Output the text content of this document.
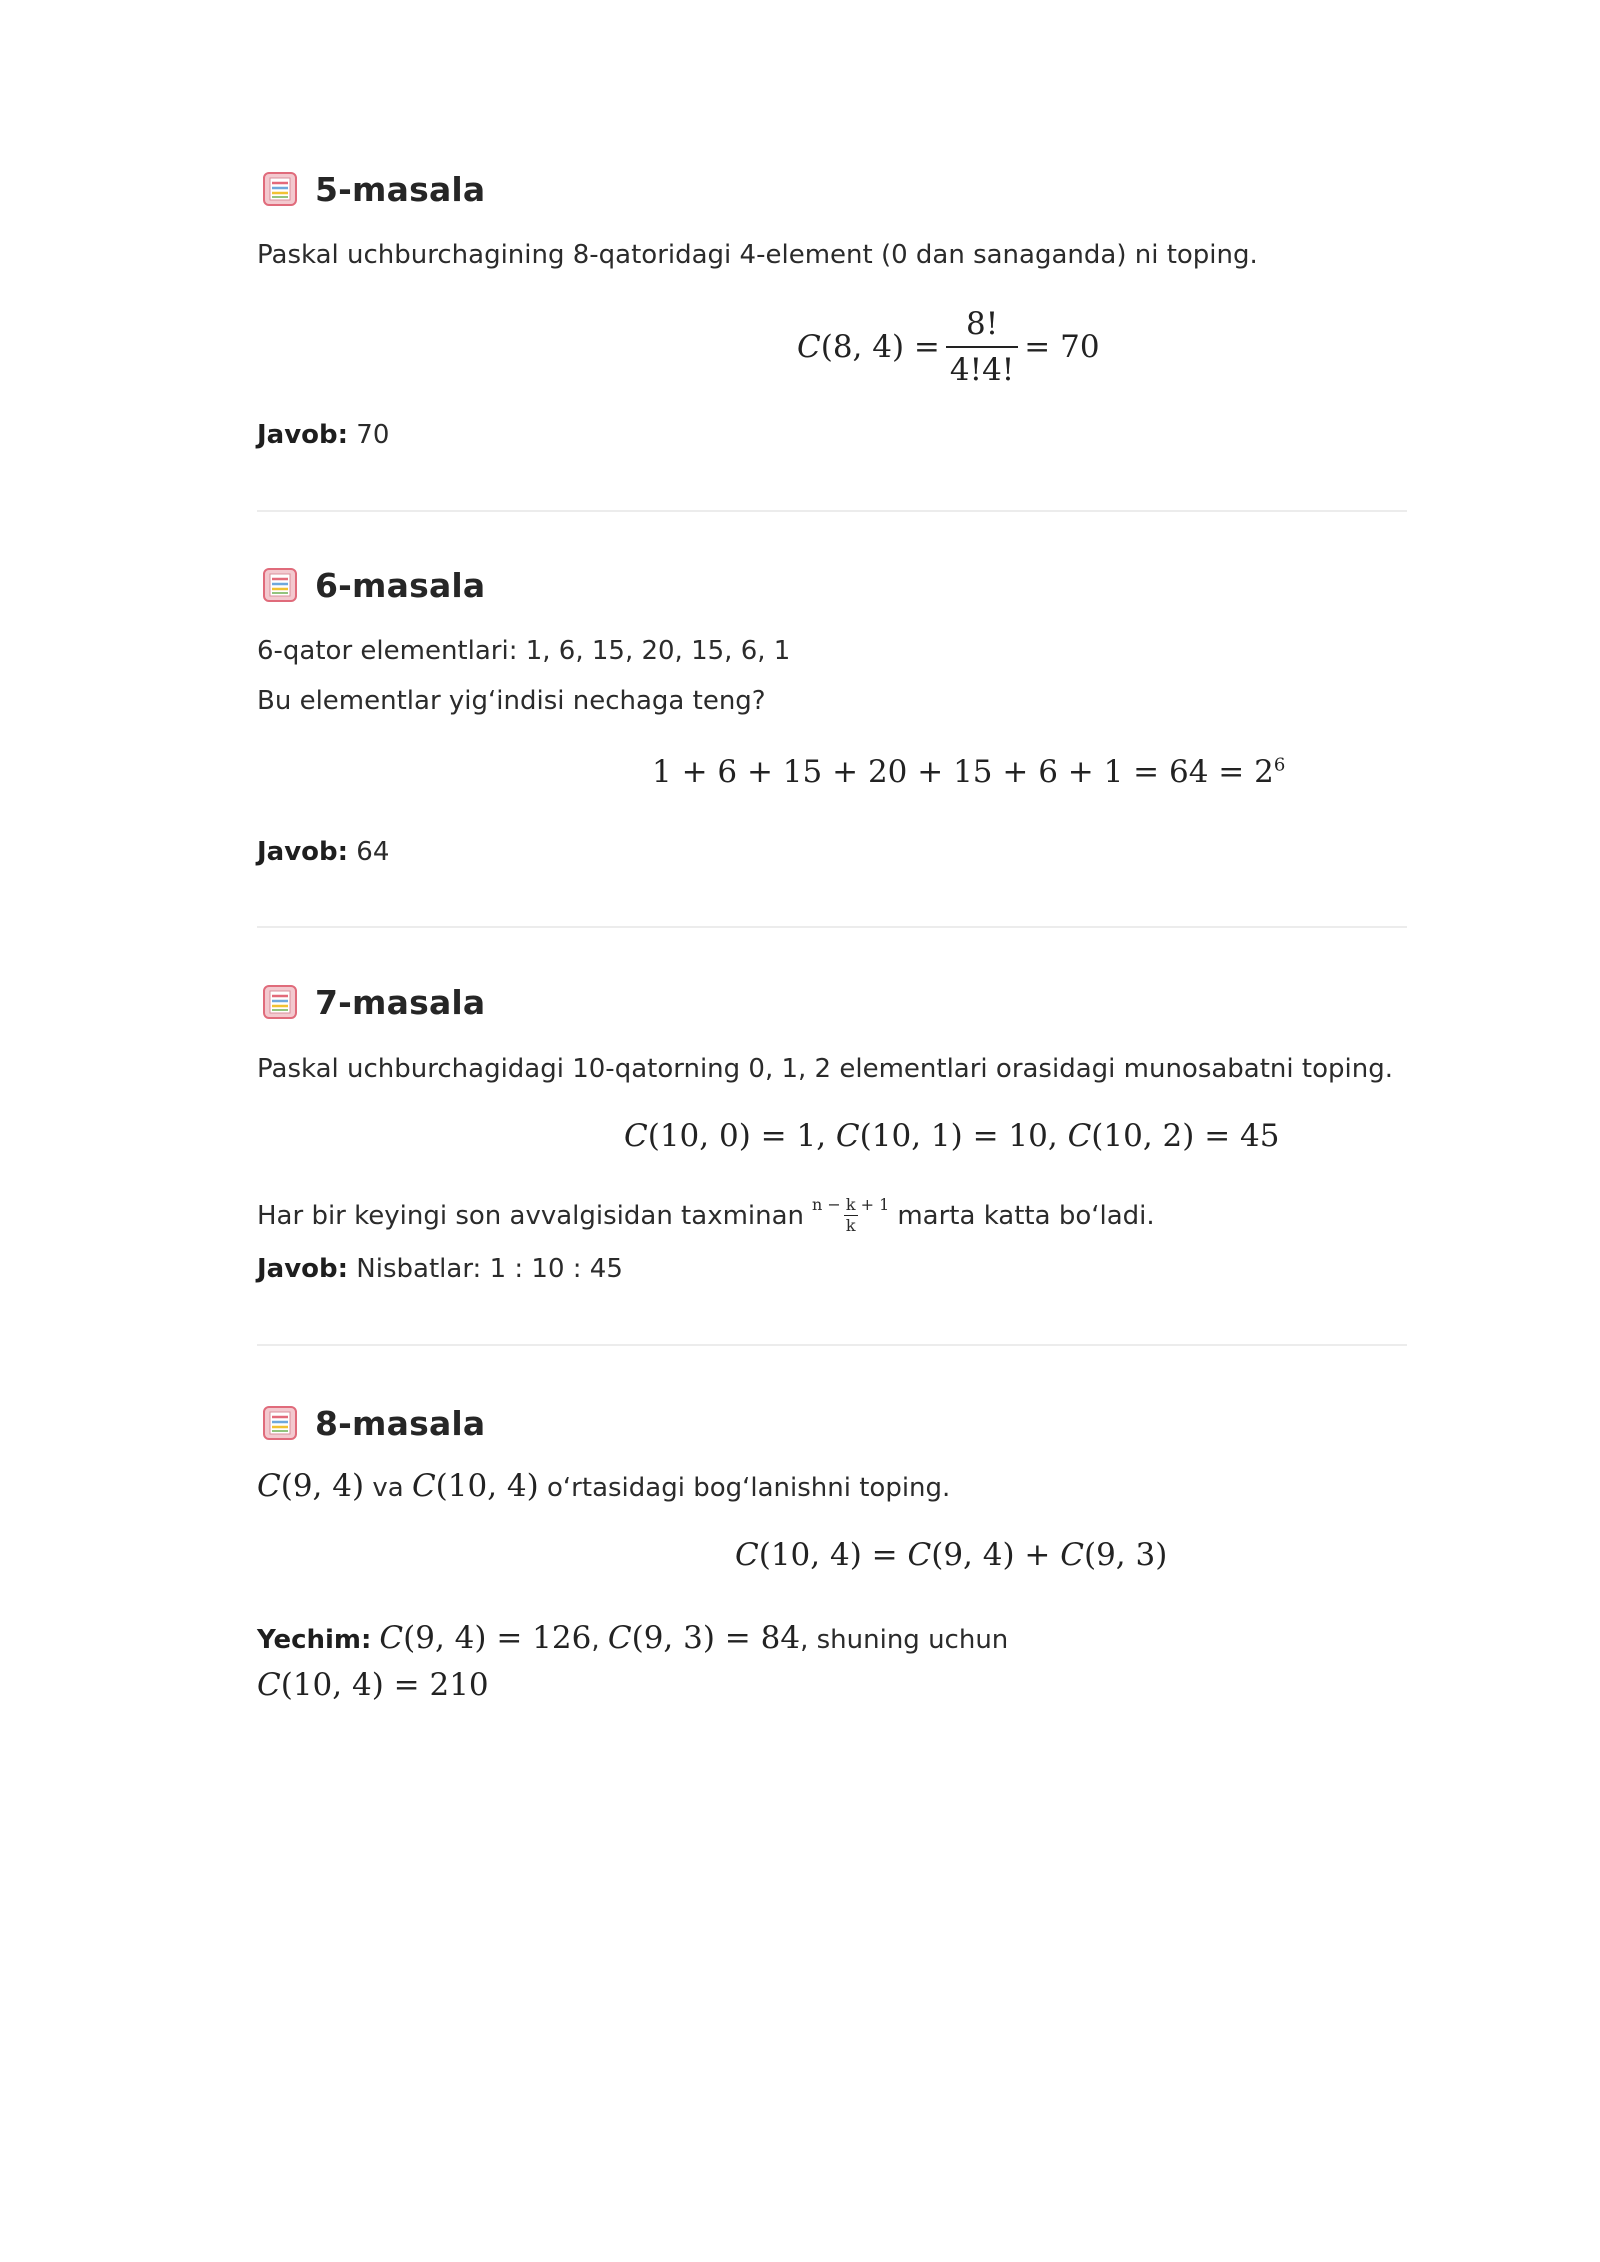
5-masala
Paskal uchburchagining 8-qatoridagi 4-element (0 dan sanaganda) ni toping.
C(8, $4) = \frac{8!}{4!4!} = 70$
Javob: 70
6-masala
6-qator elementlari: 1, 6, 15, 20, 15, 6, 1
Bu elementlar yig‘indisi nechaga teng?
$1 + 6 + 15 + 20 + 15 + 6 + 1 = 64 = 2^6$
Javob: 64
7-masala
Paskal uchburchagidagi 10-qatorning 0, 1, 2 elementlari orasidagi munosabatni toping.
C(10, 0) = 1, C(10, 1) = 10, C(10, 2) = 45
Har bir keyingi son avvalgisidan taxminan $\frac{n - k + 1}{k}$ marta katta bo‘ladi.
Javob: Nisbatlar: 1 : 10 : 45
8-masala
C(9, 4) va C(10, 4) o‘rtasidagi bog‘lanishni toping.
C(10, 4) = C(9, 4) + C(9, 3)
Yechim: C(9, 4) = 126 , C(9, 3) = 84 , shuning uchun
C(10, 4) = 210
